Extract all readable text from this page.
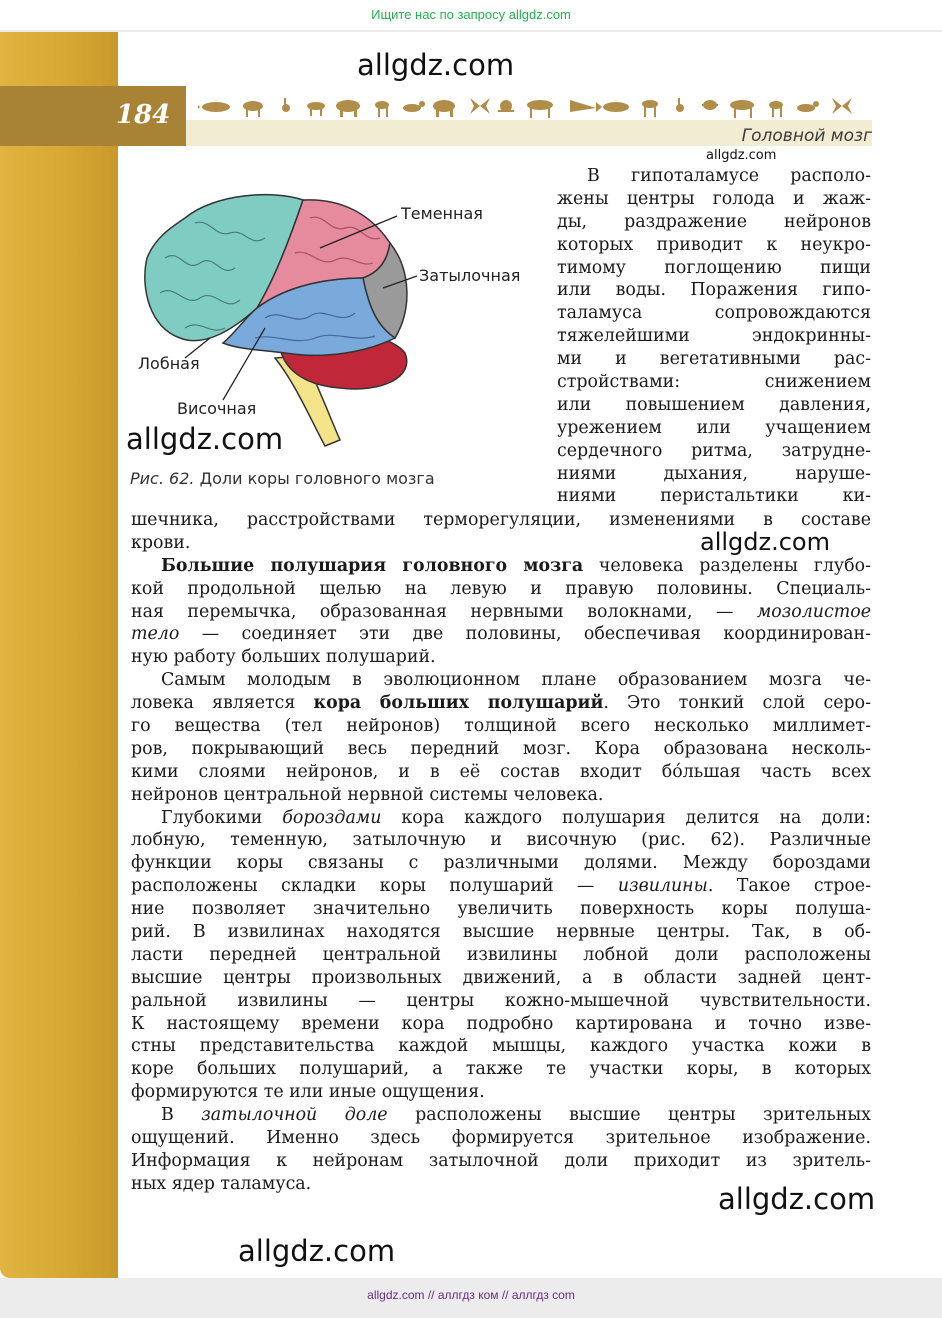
Ищите нас по запросу allgdz.com
184
Головной мозг
allgdz.com
allgdz.com
Теменная
Затылочная
Лобная
Височная
allgdz.com
Рис. 62. Доли коры головного мозга
В гипоталамусе располо-
жены центры голода и жаж-
ды, раздражение нейронов
которых приводит к неукро-
тимому поглощению пищи
или воды. Поражения гипо-
таламуса сопровождаются
тяжелейшими эндокринны-
ми и вегетативными рас-
стройствами: снижением
или повышением давления,
урежением или учащением
сердечного ритма, затрудне-
ниями дыхания, наруше-
ниями перистальтики ки-
шечника, расстройствами терморегуляции, изменениями в составе
крови.
Большие полушария головного мозга человека разделены глубо-
кой продольной щелью на левую и правую половины. Специаль-
ная перемычка, образованная нервными волокнами, — мозолистое
тело — соединяет эти две половины, обеспечивая координирован-
ную работу больших полушарий.
Самым молодым в эволюционном плане образованием мозга че-
ловека является кора больших полушарий. Это тонкий слой серо-
го вещества (тел нейронов) толщиной всего несколько миллимет-
ров, покрывающий весь передний мозг. Кора образована несколь-
кими слоями нейронов, и в её состав входит бóльшая часть всех
нейронов центральной нервной системы человека.
Глубокими бороздами кора каждого полушария делится на доли:
лобную, теменную, затылочную и височную (рис. 62). Различные
функции коры связаны с различными долями. Между бороздами
расположены складки коры полушарий — извилины. Такое строе-
ние позволяет значительно увеличить поверхность коры полуша-
рий. В извилинах находятся высшие нервные центры. Так, в об-
ласти передней центральной извилины лобной доли расположены
высшие центры произвольных движений, а в области задней цент-
ральной извилины — центры кожно-мышечной чувствительности.
К настоящему времени кора подробно картирована и точно изве-
стны представительства каждой мышцы, каждого участка кожи в
коре больших полушарий, а также те участки коры, в которых
формируются те или иные ощущения.
В затылочной доле расположены высшие центры зрительных
ощущений. Именно здесь формируется зрительное изображение.
Информация к нейронам затылочной доли приходит из зритель-
ных ядер таламуса.
allgdz.com
allgdz.com
allgdz.com
allgdz.com // аллгдз ком // аллгдз com
